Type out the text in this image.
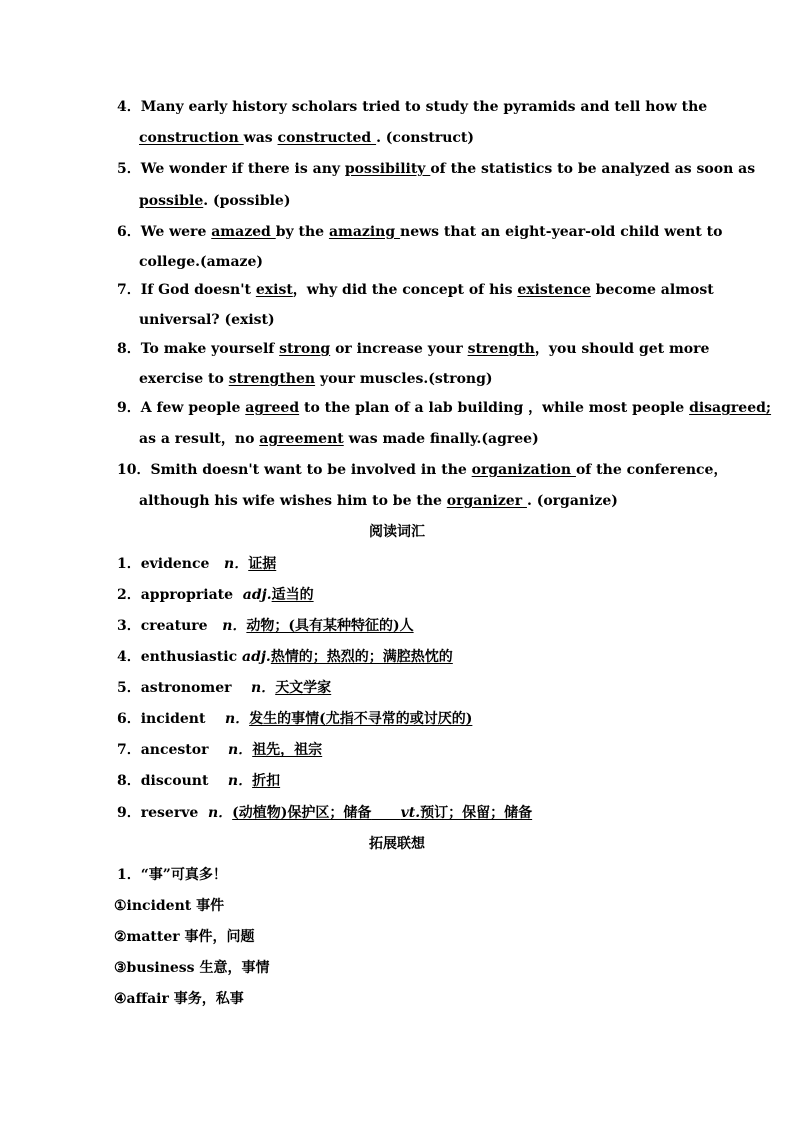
4．Many early history scholars tried to study the pyramids and tell how the
construction was constructed . (construct)
5．We wonder if there is any possibility of the statistics to be analyzed as soon as
possible. (possible)
6．We were amazed by the amazing news that an eight-year-old child went to
college.(amaze)
7．If God doesn't exist，why did the concept of his existence become almost
universal? (exist)
8．To make yourself strong or increase your strength，you should get more
exercise to strengthen your muscles.(strong)
9．A few people agreed to the plan of a lab building ，while most people disagreed;
as a result，no agreement was made finally.(agree)
10．Smith doesn't want to be involved in the organization of the conference，
although his wife wishes him to be the organizer . (organize)
阅读词汇
1．evidence n．证据
2．appropriate adj.适当的
3．creature n．动物；(具有某种特征的)人
4．enthusiastic adj.热情的；热烈的；满腔热忱的
5．astronomer n．天文学家
6．incident n．发生的事情(尤指不寻常的或讨厌的)
7．ancestor n．祖先，祖宗
8．discount n．折扣
9．reserve n．(动植物)保护区；储备 vt.预订；保留；储备
拓展联想
1．“事”可真多！
①incident 事件
②matter 事件，问题
③business 生意，事情
④affair 事务，私事
